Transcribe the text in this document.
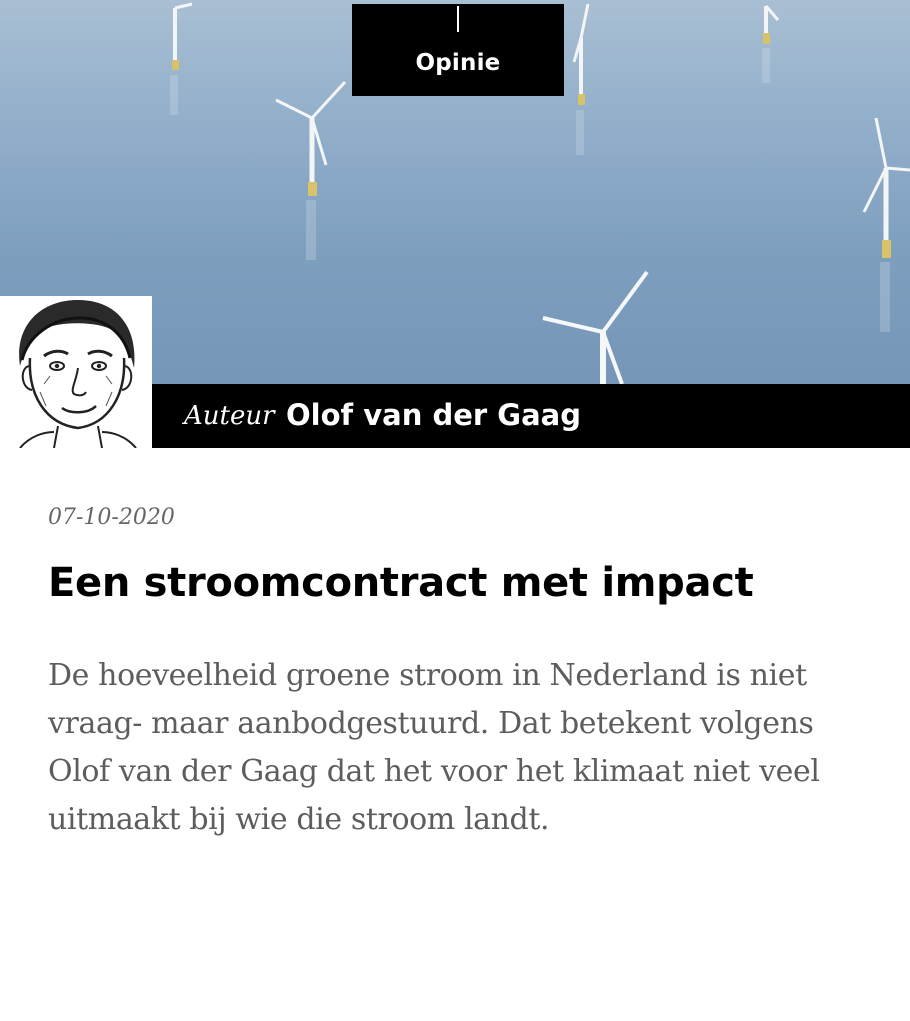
Opinie
Auteur Olof van der Gaag
07-10-2020
Een stroomcontract met impact

De hoeveelheid groene stroom in Nederland is niet vraag- maar aanbodgestuurd. Dat betekent volgens Olof van der Gaag dat het voor het klimaat niet veel uitmaakt bij wie die stroom landt.
